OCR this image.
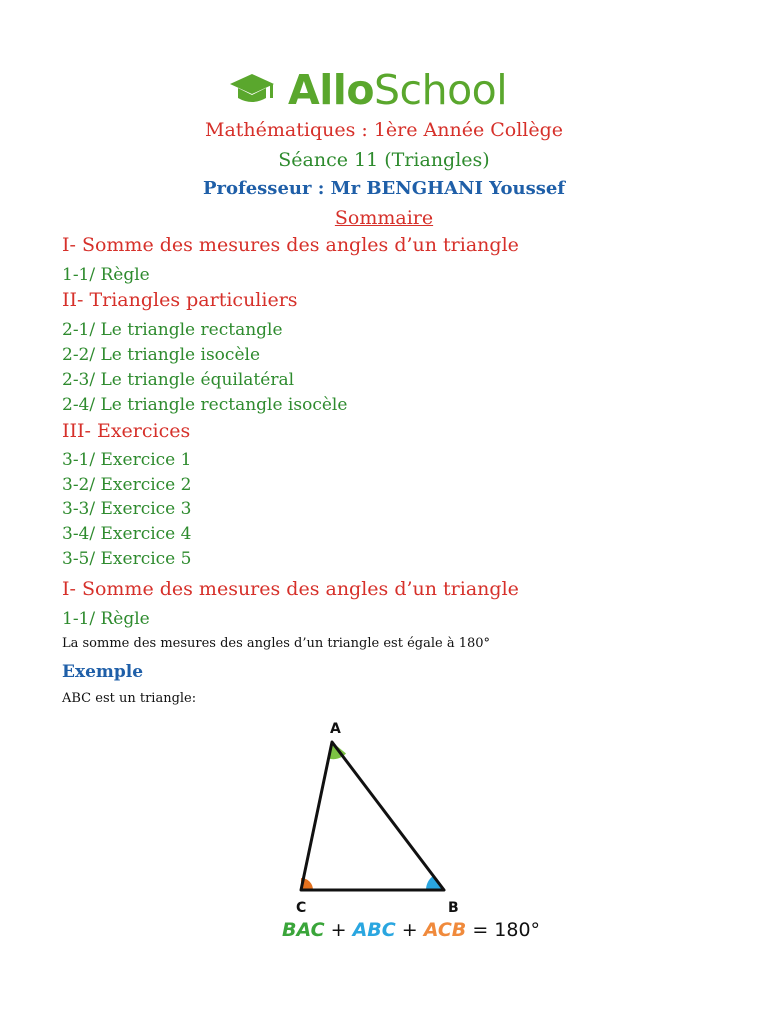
AlloSchool
Mathématiques : 1ère Année Collège
Séance 11 (Triangles)
Professeur : Mr BENGHANI Youssef
Sommaire
I- Somme des mesures des angles d’un triangle
1-1/ Règle
II- Triangles particuliers
2-1/ Le triangle rectangle
2-2/ Le triangle isocèle
2-3/ Le triangle équilatéral
2-4/ Le triangle rectangle isocèle
III- Exercices
3-1/ Exercice 1
3-2/ Exercice 2
3-3/ Exercice 3
3-4/ Exercice 4
3-5/ Exercice 5
I- Somme des mesures des angles d’un triangle
1-1/ Règle
La somme des mesures des angles d’un triangle est égale à 180°
Exemple
ABC est un triangle:
A
C	B
BAC + ABC + ACB = 180°
